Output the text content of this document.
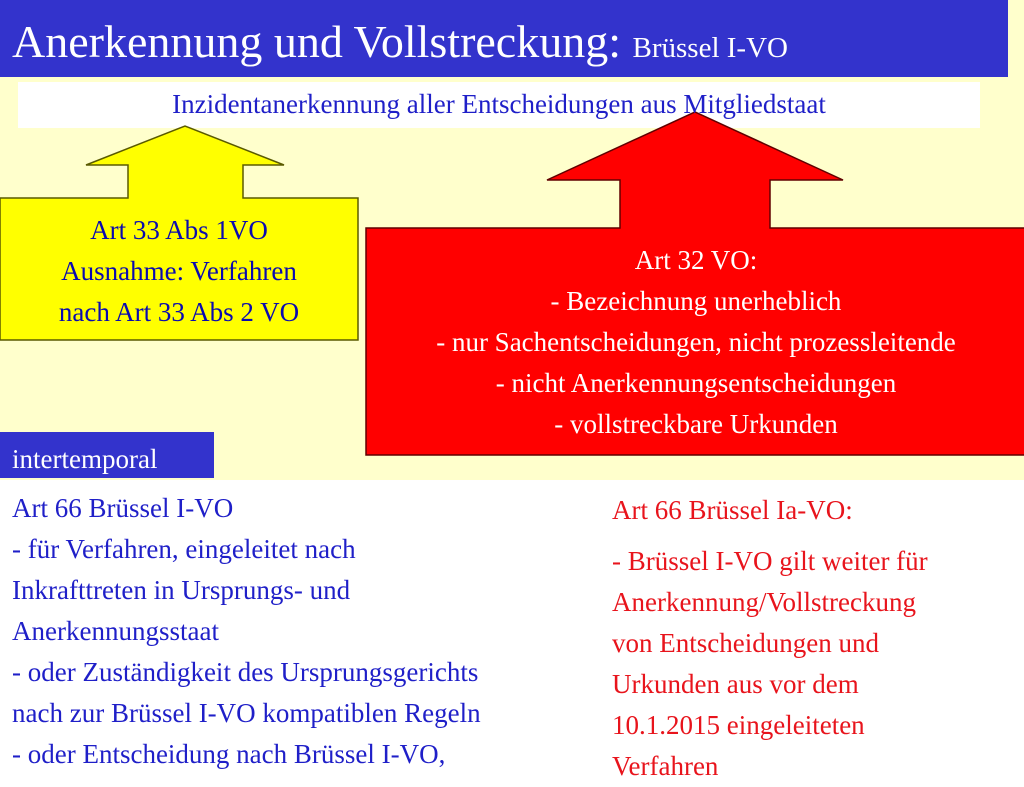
Anerkennung und Vollstreckung: Brüssel I-VO
Inzidentanerkennung aller Entscheidungen aus Mitgliedstaat
Art 33 Abs 1VO
Ausnahme: Verfahren
nach Art 33 Abs 2 VO
Art 32 VO:
- Bezeichnung unerheblich
- nur Sachentscheidungen, nicht prozessleitende
- nicht Anerkennungsentscheidungen
- vollstreckbare Urkunden
intertemporal
Art 66 Brüssel I-VO
- für Verfahren, eingeleitet nach
Inkrafttreten in Ursprungs- und
Anerkennungsstaat
- oder Zuständigkeit des Ursprungsgerichts
nach zur Brüssel I-VO kompatiblen Regeln
- oder Entscheidung nach Brüssel I-VO,
Art 66 Brüssel Ia-VO:
- Brüssel I-VO gilt weiter für
Anerkennung/Vollstreckung
von Entscheidungen und
Urkunden aus vor dem
10.1.2015 eingeleiteten
Verfahren
